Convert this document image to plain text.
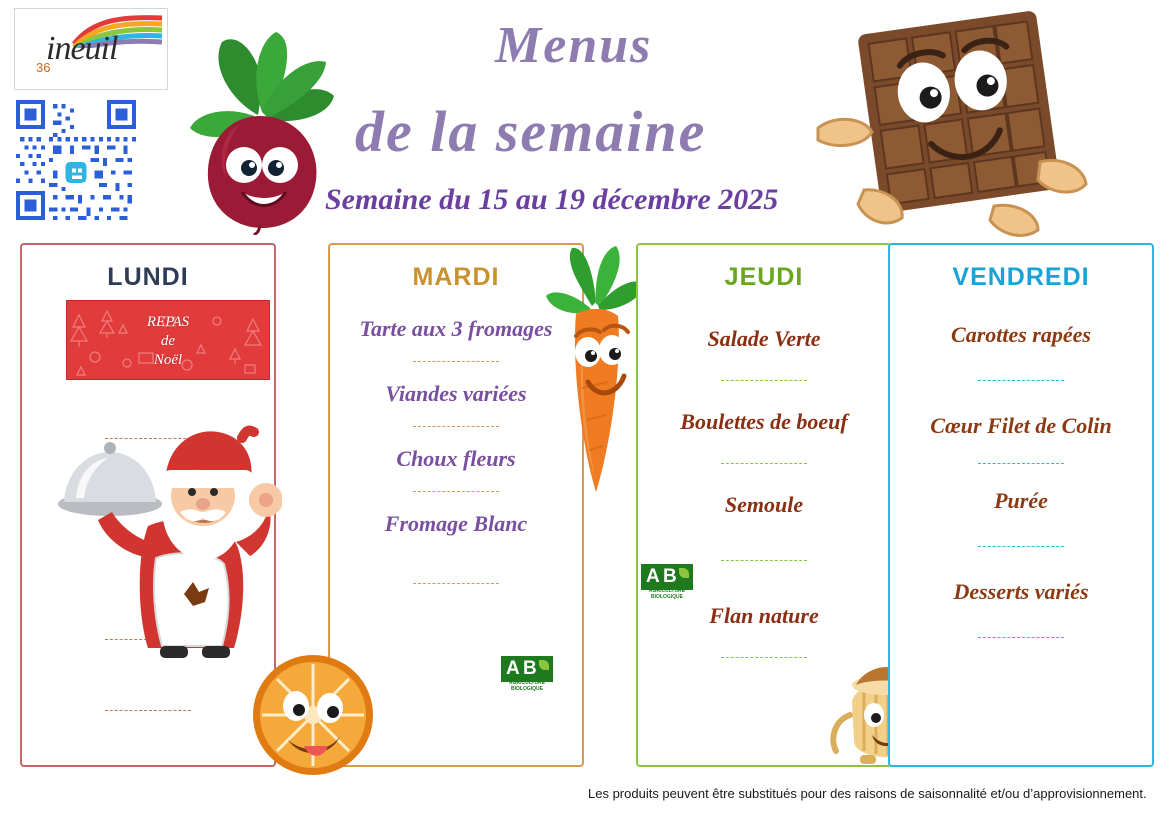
ineuil
36	Menus
de la semaine
Semaine du 15 au 19 décembre 2025
LUNDI
REPAS
de
Noël
MARDI
Tarte aux 3 fromages
Viandes variées
Choux fleurs
Fromage Blanc
A B
AGRICULTURE BIOLOGIQUE
JEUDI
Salade Verte
Boulettes de boeuf
Semoule
Flan nature
A B
AGRICULTURE BIOLOGIQUE
VENDREDI
Carottes rapées
Cœur Filet de Colin
Purée
Desserts variés
Les produits peuvent être substitués pour des raisons de saisonnalité et/ou d’approvisionnement.
